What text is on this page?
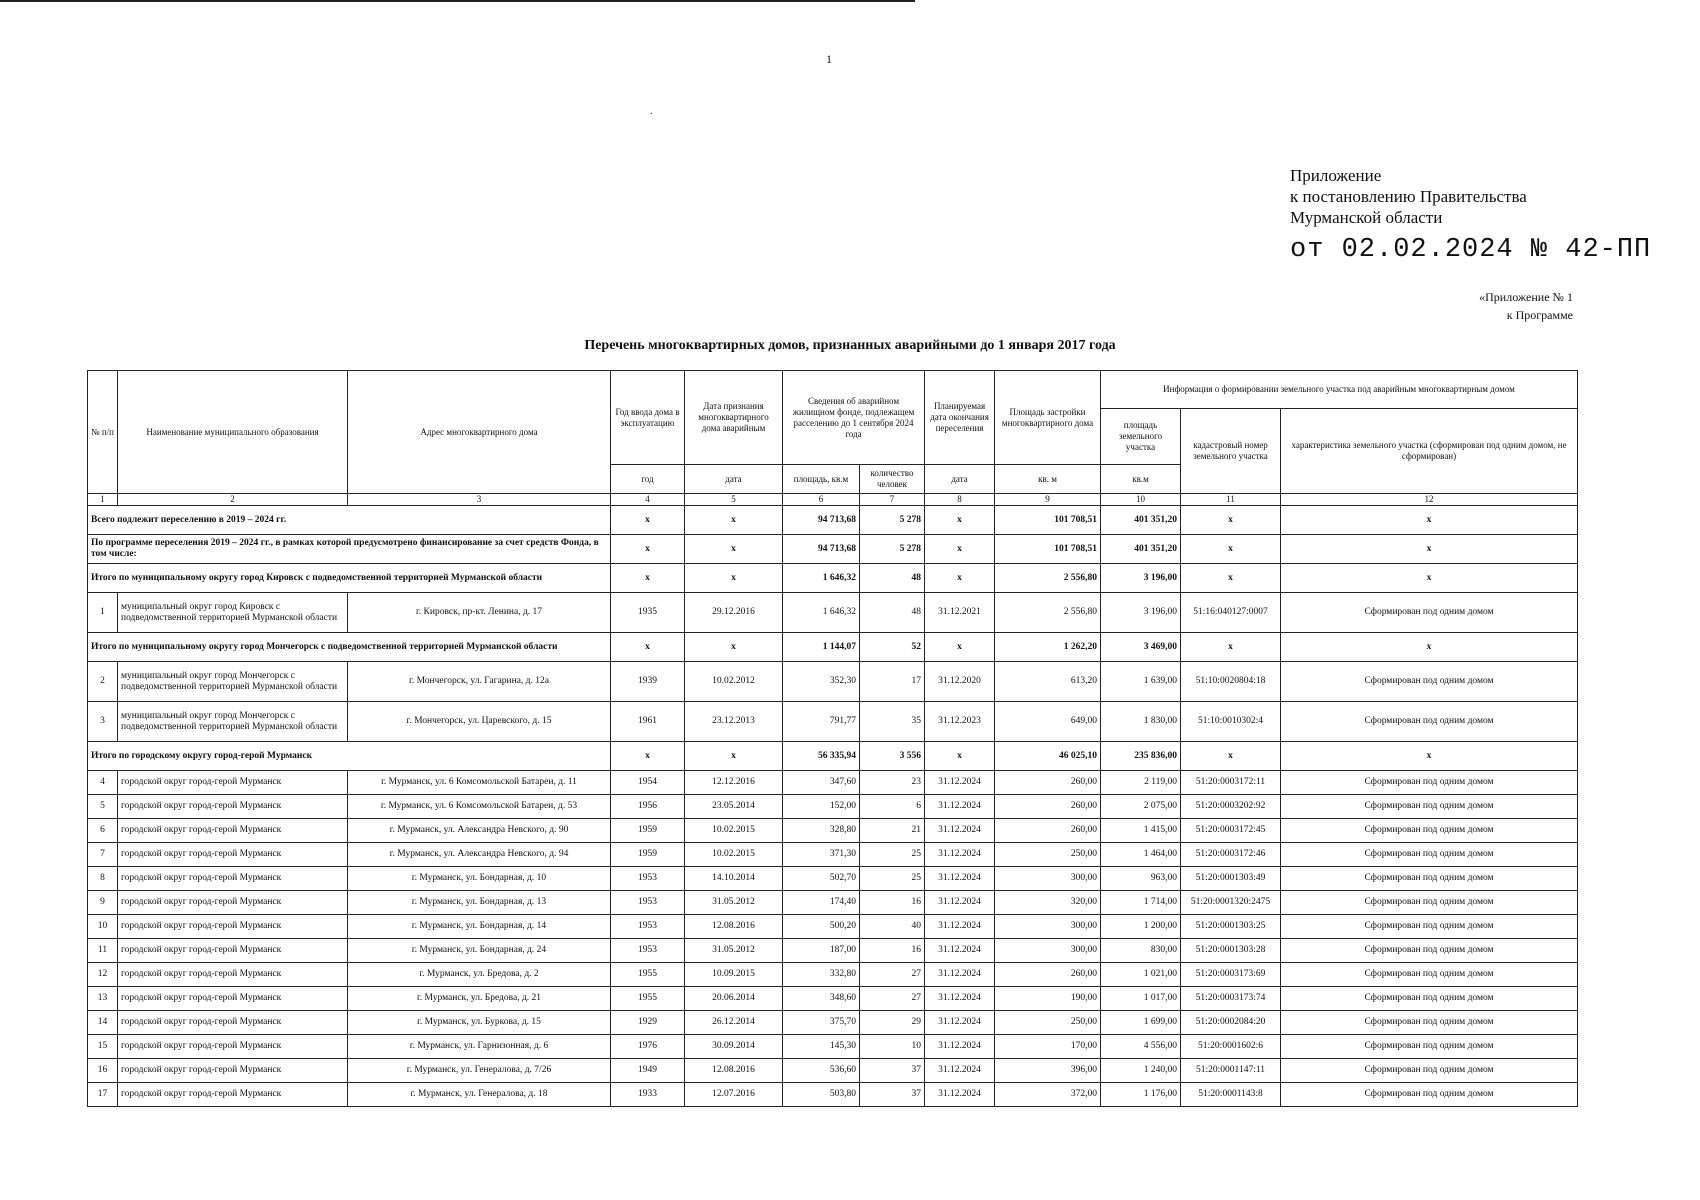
1
.
Приложение
к постановлению Правительства
Мурманской области
от 02.02.2024 № 42-ПП
«Приложение № 1
к Программе
Перечень многоквартирных домов, признанных аварийными до 1 января 2017 года
№ п/п	Наименование муниципального образования	Адрес многоквартирного дома	Год ввода дома в эксплуатацию	Дата признания многоквартирного дома аварийным	Сведения об аварийном жилищном фонде, подлежащем расселению до 1 сентября 2024 года		Планируемая дата окончания переселения	Площадь застройки многоквартирного дома	Информация о формировании земельного участка под аварийным многоквартирным домом		
									площадь земельного участка	кадастровый номер земельного участка	характеристика земельного участка (сформирован под одним домом, не сформирован)
			год	дата	площадь, кв.м	количество человек	дата	кв. м	кв.м		
1	2	3	4	5	6	7	8	9	10	11	12
Всего подлежит переселению в 2019 – 2024 гг.			х	х	94 713,68	5 278	х	101 708,51	401 351,20	х	х
По программе переселения 2019 – 2024 гг., в рамках которой предусмотрено финансирование за счет средств Фонда, в том числе:			х	х	94 713,68	5 278	х	101 708,51	401 351,20	х	х
Итого по муниципальному округу город Кировск с подведомственной территорией Мурманской области			х	х	1 646,32	48	х	2 556,80	3 196,00	х	х
1	муниципальный округ город Кировск с подведомственной территорией Мурманской области	г. Кировск, пр-кт. Ленина, д. 17	1935	29.12.2016	1 646,32	48	31.12.2021	2 556,80	3 196,00	51:16:040127:0007	Сформирован под одним домом
Итого по муниципальному округу город Мончегорск с подведомственной территорией Мурманской области			х	х	1 144,07	52	х	1 262,20	3 469,00	х	х
2	муниципальный округ город Мончегорск с подведомственной территорией Мурманской области	г. Мончегорск, ул. Гагарина, д. 12а	1939	10.02.2012	352,30	17	31.12.2020	613,20	1 639,00	51:10:0020804:18	Сформирован под одним домом
3	муниципальный округ город Мончегорск с подведомственной территорией Мурманской области	г. Мончегорск, ул. Царевского, д. 15	1961	23.12.2013	791,77	35	31.12.2023	649,00	1 830,00	51:10:0010302:4	Сформирован под одним домом
Итого по городскому округу город-герой Мурманск			х	х	56 335,94	3 556	х	46 025,10	235 836,00	х	х
4	городской округ город-герой Мурманск	г. Мурманск, ул. 6 Комсомольской Батареи, д. 11	1954	12.12.2016	347,60	23	31.12.2024	260,00	2 119,00	51:20:0003172:11	Сформирован под одним домом
5	городской округ город-герой Мурманск	г. Мурманск, ул. 6 Комсомольской Батареи, д. 53	1956	23.05.2014	152,00	6	31.12.2024	260,00	2 075,00	51:20:0003202:92	Сформирован под одним домом
6	городской округ город-герой Мурманск	г. Мурманск, ул. Александра Невского, д. 90	1959	10.02.2015	328,80	21	31.12.2024	260,00	1 415,00	51:20:0003172:45	Сформирован под одним домом
7	городской округ город-герой Мурманск	г. Мурманск, ул. Александра Невского, д. 94	1959	10.02.2015	371,30	25	31.12.2024	250,00	1 464,00	51:20:0003172:46	Сформирован под одним домом
8	городской округ город-герой Мурманск	г. Мурманск, ул. Бондарная, д. 10	1953	14.10.2014	502,70	25	31.12.2024	300,00	963,00	51:20:0001303:49	Сформирован под одним домом
9	городской округ город-герой Мурманск	г. Мурманск, ул. Бондарная, д. 13	1953	31.05.2012	174,40	16	31.12.2024	320,00	1 714,00	51:20:0001320:2475	Сформирован под одним домом
10	городской округ город-герой Мурманск	г. Мурманск, ул. Бондарная, д. 14	1953	12.08.2016	500,20	40	31.12.2024	300,00	1 200,00	51:20:0001303:25	Сформирован под одним домом
11	городской округ город-герой Мурманск	г. Мурманск, ул. Бондарная, д. 24	1953	31.05.2012	187,00	16	31.12.2024	300,00	830,00	51:20:0001303:28	Сформирован под одним домом
12	городской округ город-герой Мурманск	г. Мурманск, ул. Бредова, д. 2	1955	10.09.2015	332,80	27	31.12.2024	260,00	1 021,00	51:20:0003173:69	Сформирован под одним домом
13	городской округ город-герой Мурманск	г. Мурманск, ул. Бредова, д. 21	1955	20.06.2014	348,60	27	31.12.2024	190,00	1 017,00	51:20:0003173:74	Сформирован под одним домом
14	городской округ город-герой Мурманск	г. Мурманск, ул. Буркова, д. 15	1929	26.12.2014	375,70	29	31.12.2024	250,00	1 699,00	51:20:0002084:20	Сформирован под одним домом
15	городской округ город-герой Мурманск	г. Мурманск, ул. Гарнизонная, д. 6	1976	30.09.2014	145,30	10	31.12.2024	170,00	4 556,00	51:20:0001602:6	Сформирован под одним домом
16	городской округ город-герой Мурманск	г. Мурманск, ул. Генералова, д. 7/26	1949	12.08.2016	536,60	37	31.12.2024	396,00	1 240,00	51:20:0001147:11	Сформирован под одним домом
17	городской округ город-герой Мурманск	г. Мурманск, ул. Генералова, д. 18	1933	12.07.2016	503,80	37	31.12.2024	372,00	1 176,00	51:20:0001143:8	Сформирован под одним домом
